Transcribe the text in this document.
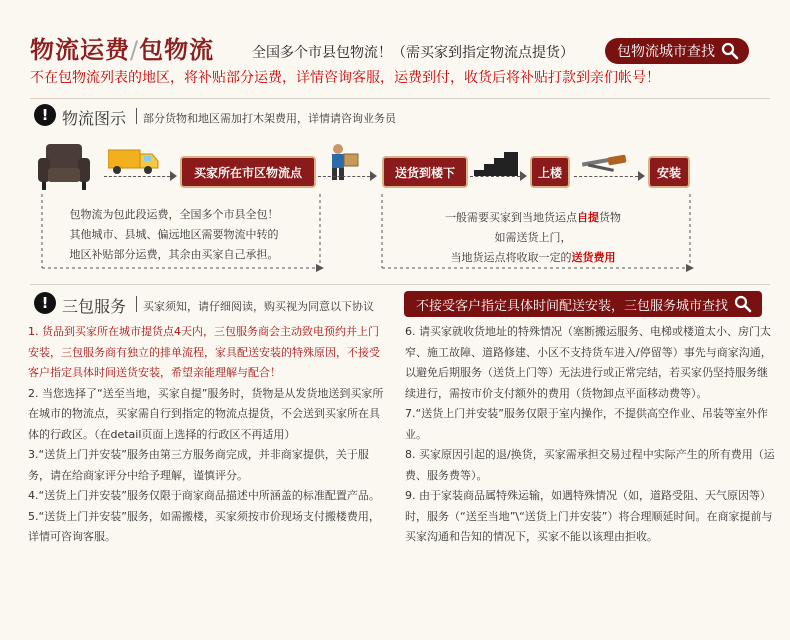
物流运费/包物流	全国多个市县包物流！（需买家到指定物流点提货）	包物流城市查找
不在包物流列表的地区，将补贴部分运费，详情咨询客服，运费到付，收货后将补贴打款到亲们帐号！
! 物流图示 部分货物和地区需加打木架费用，详情请咨询业务员
买家所在市区物流点	送货到楼下	上楼	安装
包物流为包此段运费，全国多个市县全包！
其他城市、县城、偏远地区需要物流中转的
地区补贴部分运费，其余由买家自己承担。
一般需要买家到当地货运点自提货物
如需送货上门，
当地货运点将收取一定的送货费用
! 三包服务 买家须知，请仔细阅读，购买视为同意以下协议	不接受客户指定具体时间配送安装，三包服务城市查找

1. 货品到买家所在城市提货点4天内，三包服务商会主动致电预约并上门安装，三包服务商有独立的排单流程，家具配送安装的特殊原因，不接受客户指定具体时间送货安装，希望亲能理解与配合！

2. 当您选择了“送至当地，买家自提”服务时，货物是从发货地送到买家所在城市的物流点，买家需自行到指定的物流点提货，不会送到买家所在具体的行政区。（在detail页面上选择的行政区不再适用）

3.“送货上门并安装”服务由第三方服务商完成，并非商家提供，关于服务，请在给商家评分中给予理解，谨慎评分。

4.“送货上门并安装”服务仅限于商家商品描述中所涵盖的标准配置产品。

5.“送货上门并安装”服务，如需搬楼，买家须按市价现场支付搬楼费用，详情可咨询客服。

6. 请买家就收货地址的特殊情况（塞断搬运服务、电梯或楼道太小、房门太窄、施工故障、道路修建、小区不支持货车进入/停留等）事先与商家沟通，以避免后期服务（送货上门等）无法进行或正常完结，若买家仍坚持服务继续进行，需按市价支付额外的费用（货物卸点平面移动费等）。

7.“送货上门并安装”服务仅限于室内操作，不提供高空作业、吊装等室外作业。

8. 买家原因引起的退/换货，买家需承担交易过程中实际产生的所有费用（运费、服务费等）。

9. 由于家装商品属特殊运输，如遇特殊情况（如，道路受阻、天气原因等）时，服务（“送至当地”\“送货上门并安装”）将合理顺延时间。在商家提前与买家沟通和告知的情况下，买家不能以该理由拒收。
